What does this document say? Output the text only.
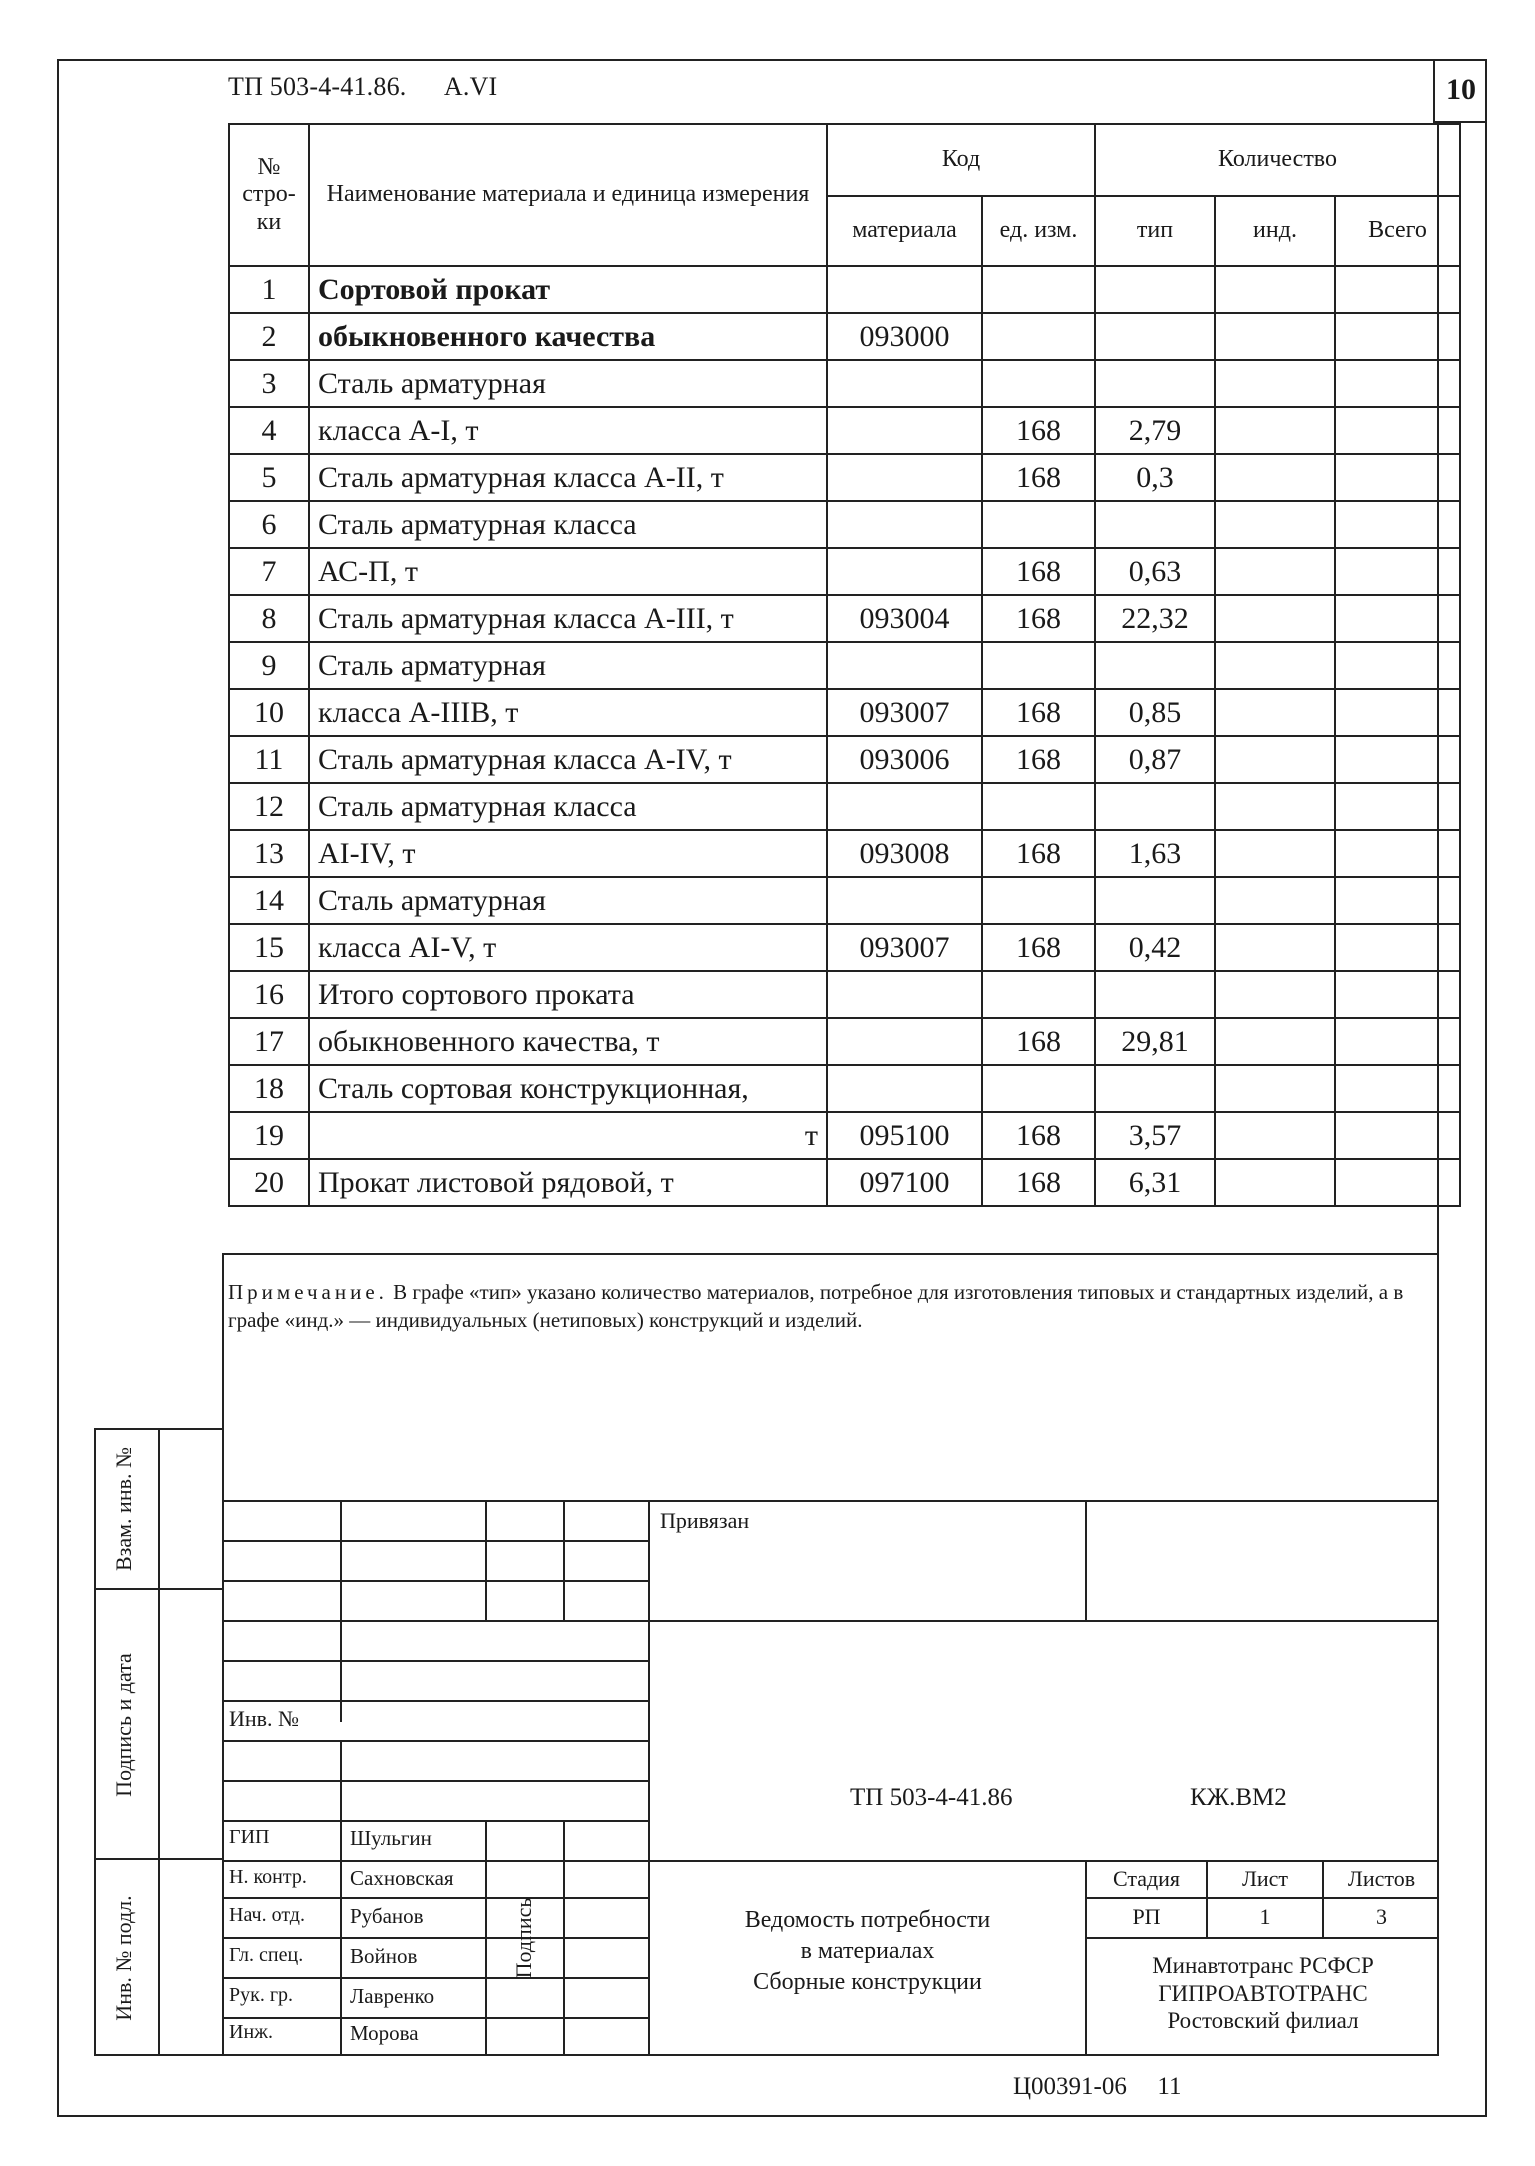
10
ТП 503-4-41.86. А.VI
№ стро-ки	Наименование материала и единица измерения	Код		Количество		
		материала	ед. изм.	тип	инд.	Всего
1	Сортовой прокат					
2	обыкновенного качества	093000				
3	Сталь арматурная					
4	класса А-I, т		168	2,79		
5	Сталь арматурная класса А-II, т		168	0,3		
6	Сталь арматурная класса					
7	АС-П, т		168	0,63		
8	Сталь арматурная класса А-III, т	093004	168	22,32		
9	Сталь арматурная					
10	класса А-IIIВ, т	093007	168	0,85		
11	Сталь арматурная класса А-IV, т	093006	168	0,87		
12	Сталь арматурная класса					
13	АI-IV, т	093008	168	1,63		
14	Сталь арматурная					
15	класса АI-V, т	093007	168	0,42		
16	Итого сортового проката					
17	обыкновенного качества, т		168	29,81		
18	Сталь сортовая конструкционная,					
19	т	095100	168	3,57		
20	Прокат листовой рядовой, т	097100	168	6,31		
Примечание. В графе «тип» указано количество материалов, потребное для изготовления типовых и стандартных изделий, а в графе «инд.» — индивидуальных (нетиповых) конструкций и изделий.
Взам. инв. №
Подпись и дата
Инв. № подл.
Привязан
Инв. №
ТП 503-4-41.86	КЖ.ВМ2
ГИП	Шульгин
Н. контр. Сахновская
Нач. отд. Рубанов
Гл. спец. Войнов
Рук. гр.	Лавренко
Инж.	Морова
Подпись	Ведомость потребности
в материалах
Сборные конструкции
Стадия	Лист	Листов
РП	1	3
Минавтотранс РСФСР
ГИПРОАВТОТРАНС
Ростовский филиал
Ц00391-06 11
